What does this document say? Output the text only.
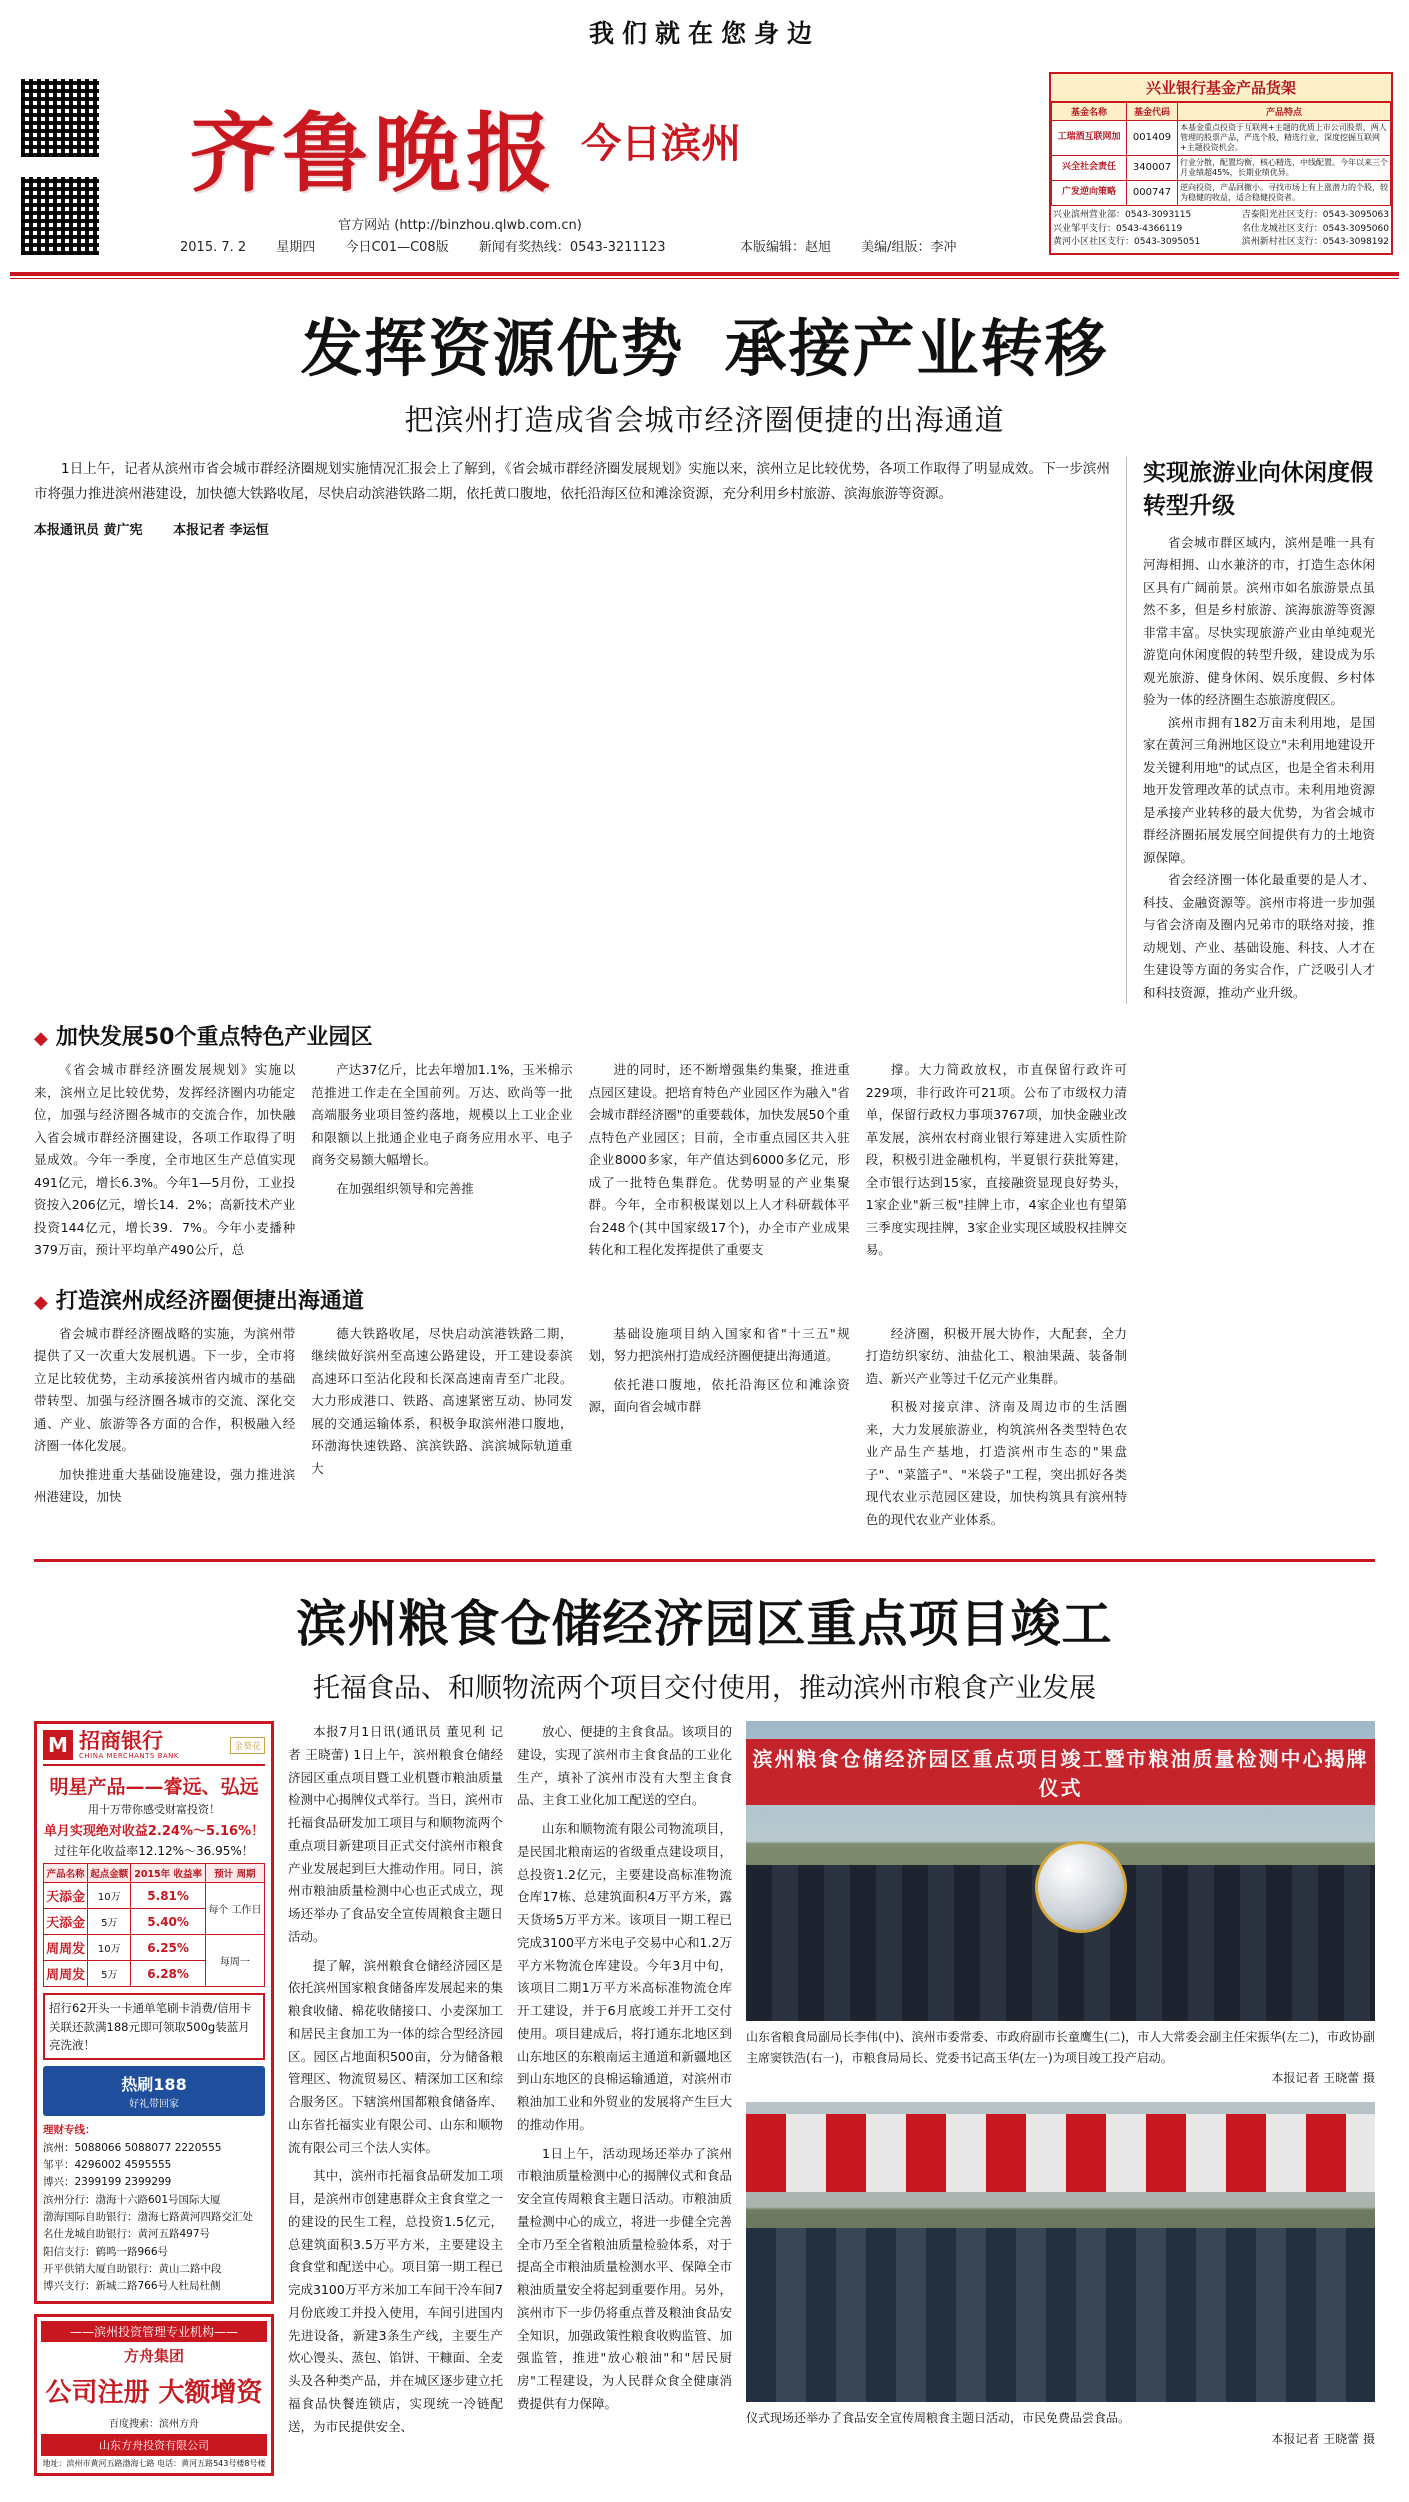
我们就在您身边
齐鲁晚报 今日滨州
官方网站 (http://binzhou.qlwb.com.cn)
2015. 7. 2 星期四 今日C01—C08版 新闻有奖热线：0543-3211123	本版编辑：赵旭 美编/组版：李冲
兴业银行基金产品货架
基金名称	基金代码	产品特点
工瑞酒互联网加	001409	本基金重点投资于互联网+主题的优质上市公司股票，两人管理的股票产品，严选个股，精选行业，深度挖掘互联网+主题投资机会。
兴全社会责任	340007	行业分散，配置均衡，核心精选，中线配置。今年以来三个月业绩超45%，长期业绩优异。
广发逆向策略	000747	逆向投资，产品回撤小。寻找市场上有上涨潜力的个股，较为稳健的收益，适合稳健投资者。
兴业滨州营业部：0543-3093115	吉泰阳光社区支行：0543-3095063
兴业邹平支行：0543-4366119	名仕龙城社区支行：0543-3095060
黄河小区社区支行：0543-3095051	滨州新村社区支行：0543-3098192
发挥资源优势 承接产业转移
把滨州打造成省会城市经济圈便捷的出海通道
1日上午，记者从滨州市省会城市群经济圈规划实施情况汇报会上了解到，《省会城市群经济圈发展规划》实施以来，滨州立足比较优势，各项工作取得了明显成效。下一步滨州市将强力推进滨州港建设，加快德大铁路收尾，尽快启动滨港铁路二期，依托黄口腹地，依托沿海区位和滩涂资源，充分利用乡村旅游、滨海旅游等资源。
本报通讯员 黄广宪 本报记者 李运恒
实现旅游业向休闲度假转型升级
省会城市群区域内，滨州是唯一具有河海相拥、山水兼济的市，打造生态休闲区具有广阔前景。滨州市如名旅游景点虽然不多，但是乡村旅游、滨海旅游等资源非常丰富。尽快实现旅游产业由单纯观光游览向休闲度假的转型升级，建设成为乐观光旅游、健身休闲、娱乐度假、乡村体验为一体的经济圈生态旅游度假区。
滨州市拥有182万亩未利用地，是国家在黄河三角洲地区设立"未利用地建设开发关键利用地"的试点区，也是全省未利用地开发管理改革的试点市。未利用地资源是承接产业转移的最大优势，为省会城市群经济圈拓展发展空间提供有力的土地资源保障。
省会经济圈一体化最重要的是人才、科技、金融资源等。滨州市将进一步加强与省会济南及圈内兄弟市的联络对接，推动规划、产业、基础设施、科技、人才在生建设等方面的务实合作，广泛吸引人才和科技资源，推动产业升级。
◆ 加快发展50个重点特色产业园区

《省会城市群经济圈发展规划》实施以来，滨州立足比较优势，发挥经济圈内功能定位，加强与经济圈各城市的交流合作，加快融入省会城市群经济圈建设，各项工作取得了明显成效。今年一季度，全市地区生产总值实现491亿元，增长6.3%。今年1—5月份，工业投资按入206亿元，增长14．2%；高新技术产业投资144亿元，增长39．7%。今年小麦播种379万亩，预计平均单产490公斤，总

产达37亿斤，比去年增加1.1%，玉米棉示范推进工作走在全国前列。万达、欧尚等一批高端服务业项目签约落地，规模以上工业企业和限额以上批通企业电子商务应用水平、电子商务交易额大幅增长。

在加强组织领导和完善推

进的同时，还不断增强集约集聚，推进重点园区建设。把培育特色产业园区作为融入"省会城市群经济圈"的重要载体，加快发展50个重点特色产业园区；目前，全市重点园区共入驻企业8000多家，年产值达到6000多亿元，形成了一批特色集群危。优势明显的产业集聚群。今年，全市积极谋划以上人才科研载体平台248个(其中国家级17个)，办全市产业成果转化和工程化发挥提供了重要支

撑。大力简政放权，市直保留行政许可229项，非行政许可21项。公布了市级权力清单，保留行政权力事项3767项，加快金融业改革发展，滨州农村商业银行筹建进入实质性阶段，积极引进金融机构，半夏银行获批筹建，全市银行达到15家，直接融资显现良好势头，1家企业"新三板"挂牌上市，4家企业也有望第三季度实现挂牌，3家企业实现区域股权挂牌交易。

◆ 打造滨州成经济圈便捷出海通道

省会城市群经济圈战略的实施，为滨州带提供了又一次重大发展机遇。下一步，全市将立足比较优势，主动承接滨州省内城市的基础带转型、加强与经济圈各城市的交流、深化交通、产业、旅游等各方面的合作，积极融入经济圈一体化发展。

加快推进重大基础设施建设，强力推进滨州港建设，加快

德大铁路收尾，尽快启动滨港铁路二期，继续做好滨州至高速公路建设，开工建设泰滨高速环口至沾化段和长深高速南青至广北段。大力形成港口、铁路、高速紧密互动、协同发展的交通运输体系，积极争取滨州港口腹地，环渤海快速铁路、滨滨铁路、滨滨城际轨道重大

基础设施项目纳入国家和省"十三五"规划，努力把滨州打造成经济圈便捷出海通道。

依托港口腹地，依托沿海区位和滩涂资源，面向省会城市群

经济圈，积极开展大协作，大配套，全力打造纺织家纺、油盐化工、粮油果蔬、装备制造、新兴产业等过千亿元产业集群。

积极对接京津、济南及周边市的生活圈来，大力发展旅游业，构筑滨州各类型特色农业产品生产基地，打造滨州市生态的"果盘子"、"菜篮子"、"米袋子"工程，突出抓好各类现代农业示范园区建设，加快构筑具有滨州特色的现代农业产业体系。

滨州粮食仓储经济园区重点项目竣工
托福食品、和顺物流两个项目交付使用，推动滨州市粮食产业发展
M 招商银行
CHINA MERCHANTS BANK
金葵花
明星产品——睿远、弘远
用十万带你感受财富投资！
单月实现绝对收益2.24%～5.16%！
过往年化收益率12.12%～36.95%！
产品名称	起点金额	2015年 收益率	预计 周期
天添金	10万	5.81%	每个 工作日
天添金	5万	5.40%	
周周发	10万	6.25%	每周一
周周发	5万	6.28%	
招行62开头一卡通单笔刷卡消费/信用卡关联还款满188元即可领取500g装蓝月亮洗液！
热刷188
好礼带回家
理财专线：
滨州：5088066 5088077 2220555
邹平：4296002 4595555
博兴：2399199 2399299
滨州分行：渤海十六路601号国际大厦
渤海国际自助银行：渤海七路黄河四路交汇处
名仕龙城自助银行：黄河五路497号
阳信支行：鹤鸣一路966号
开平供销大厦自助银行：黄山二路中段
博兴支行：新城二路766号人杜局杜侧
——滨州投资管理专业机构——
方舟集团
公司注册 大额增资
百度搜索：滨州方舟
山东方舟投资有限公司
地址：滨州市黄河五路渤海七路 电话：黄河五路543号楼8号楼

本报7月1日讯(通讯员 董见利 记者 王晓蕾) 1日上午，滨州粮食仓储经济园区重点项目暨工业机暨市粮油质量检测中心揭牌仪式举行。当日，滨州市托福食品研发加工项目与和顺物流两个重点项目新建项目正式交付滨州市粮食产业发展起到巨大推动作用。同日，滨州市粮油质量检测中心也正式成立，现场还举办了食品安全宣传周粮食主题日活动。

提了解，滨州粮食仓储经济园区是依托滨州国家粮食储备库发展起来的集粮食收储、棉花收储接口、小麦深加工和居民主食加工为一体的综合型经济园区。园区占地面积500亩，分为储备粮管理区、物流贸易区、精深加工区和综合服务区。下辖滨州国都粮食储备库、山东省托福实业有限公司、山东和顺物流有限公司三个法人实体。

其中，滨州市托福食品研发加工项目，是滨州市创建惠群众主食食堂之一的建设的民生工程，总投资1.5亿元，总建筑面积3.5万平方米，主要建设主食食堂和配送中心。项目第一期工程已完成3100万平方米加工车间干冷车间7月份底竣工并投入使用，车间引进国内先进设备，新建3条生产线，主要生产炊心馒头、蒸包、馅饼、干糠面、全麦头及各种类产品，并在城区逐步建立托福食品快餐连锁店，实现统一冷链配送，为市民提供安全、

放心、便捷的主食食品。该项目的建设，实现了滨州市主食食品的工业化生产，填补了滨州市没有大型主食食品、主食工业化加工配送的空白。

山东和顺物流有限公司物流项目，是民国北粮南运的省级重点建设项目，总投资1.2亿元，主要建设高标准物流仓库17栋、总建筑面积4万平方米，露天货场5万平方米。该项目一期工程已完成3100平方米电子交易中心和1.2万平方米物流仓库建设。今年3月中旬，该项目二期1万平方米高标准物流仓库开工建设，并于6月底竣工并开工交付使用。项目建成后，将打通东北地区到山东地区的东粮南运主通道和新疆地区到山东地区的良棉运输通道，对滨州市粮油加工业和外贸业的发展将产生巨大的推动作用。

1日上午，活动现场还举办了滨州市粮油质量检测中心的揭牌仪式和食品安全宣传周粮食主题日活动。市粮油质量检测中心的成立，将进一步健全完善全市乃至全省粮油质量检验体系，对于提高全市粮油质量检测水平、保障全市粮油质量安全将起到重要作用。另外，滨州市下一步仍将重点普及粮油食品安全知识，加强政策性粮食收购监管、加强监管，推进"放心粮油"和"居民厨房"工程建设，为人民群众食全健康消费提供有力保障。

滨州粮食仓储经济园区重点项目竣工暨市粮油质量检测中心揭牌仪式
山东省粮食局副局长李伟(中)、滨州市委常委、市政府副市长童鹰生(二)，市人大常委会副主任宋振华(左二)，市政协副主席窦铁浩(右一)，市粮食局局长、党委书记高玉华(左一)为项目竣工投产启动。
本报记者 王晓蕾 摄
仪式现场还举办了食品安全宣传周粮食主题日活动，市民免费品尝食品。
本报记者 王晓蕾 摄
